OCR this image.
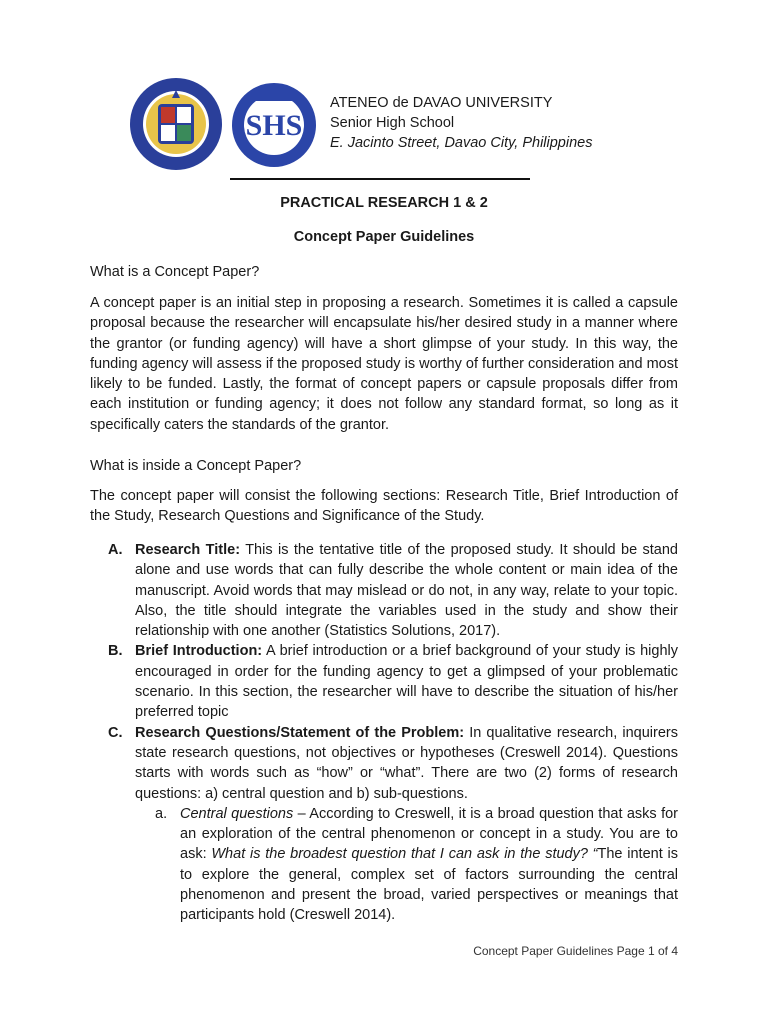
SHS
ATENEO de DAVAO UNIVERSITY
Senior High School
E. Jacinto Street, Davao City, Philippines
PRACTICAL RESEARCH 1 & 2
Concept Paper Guidelines

What is a Concept Paper?

A concept paper is an initial step in proposing a research. Sometimes it is called a capsule proposal because the researcher will encapsulate his/her desired study in a manner where the grantor (or funding agency) will have a short glimpse of your study. In this way, the funding agency will assess if the proposed study is worthy of further consideration and most likely to be funded. Lastly, the format of concept papers or capsule proposals differ from each institution or funding agency; it does not follow any standard format, so long as it specifically caters the standards of the grantor.

What is inside a Concept Paper?

The concept paper will consist the following sections: Research Title, Brief Introduction of the Study, Research Questions and Significance of the Study.

A. Research Title: This is the tentative title of the proposed study. It should be stand alone and use words that can fully describe the whole content or main idea of the manuscript. Avoid words that may mislead or do not, in any way, relate to your topic. Also, the title should integrate the variables used in the study and show their relationship with one another (Statistics Solutions, 2017).
B. Brief Introduction: A brief introduction or a brief background of your study is highly encouraged in order for the funding agency to get a glimpsed of your problematic scenario. In this section, the researcher will have to describe the situation of his/her preferred topic
C. Research Questions/Statement of the Problem: In qualitative research, inquirers state research questions, not objectives or hypotheses (Creswell 2014). Questions starts with words such as “how” or “what”. There are two (2) forms of research questions: a) central question and b) sub-questions.
a. Central questions – According to Creswell, it is a broad question that asks for an exploration of the central phenomenon or concept in a study. You are to ask: What is the broadest question that I can ask in the study? “The intent is to explore the general, complex set of factors surrounding the central phenomenon and present the broad, varied perspectives or meanings that participants hold (Creswell 2014).
Concept Paper Guidelines Page 1 of 4
